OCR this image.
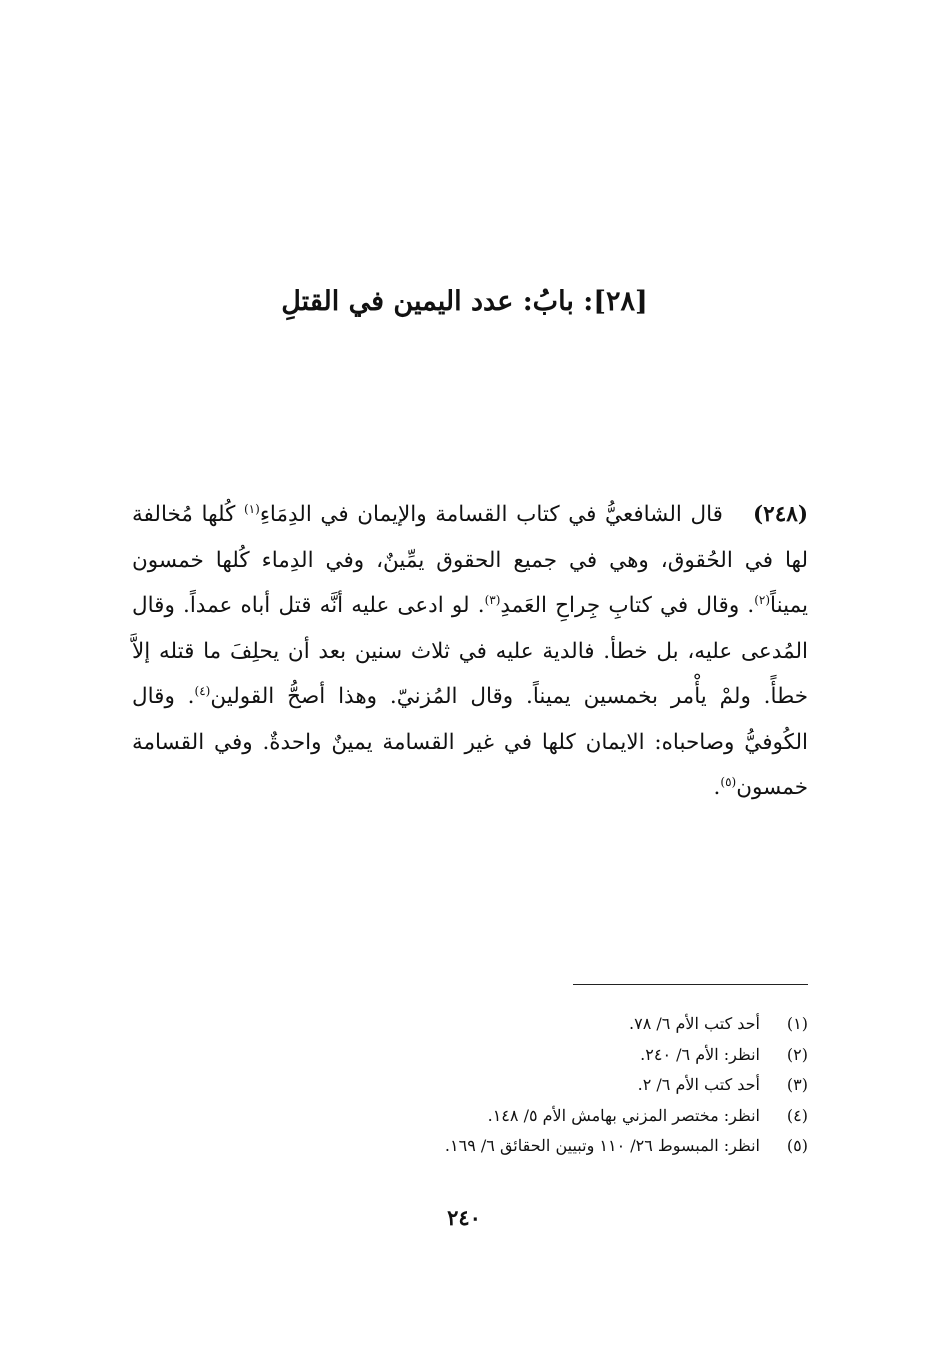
[٢٨]: بابُ: عدد اليمين في القتلِ

(٢٤٨)قال الشافعيُّ في كتاب القسامة والإيمان في الدِمَاءِ$^{(١)}$ كُلها مُخالفة لها في الحُقوق، وهي في جميع الحقوق يمِّينٌ، وفي الدِماء كُلها خمسون يميناً$^{(٢)}$. وقال في كتابِ جِراحِ العَمدِ$^{(٣)}$. لو ادعى عليه أنَّه قتل أباه عمداً. وقال المُدعى عليه، بل خطأ. فالدية عليه في ثلاث سنين بعد أن يحلِفَ ما قتله إلاَّ خطأً. ولمْ يأْمر بخمسين يميناً. وقال المُزنيّ. وهذا أصحُّ القولين$^{(٤)}$. وقال الكُوفيُّ وصاحباه: الايمان كلها في غير القسامة يمينٌ واحدةٌ. وفي القسامة خمسون$^{(٥)}$.

(١)
أحد كتب الأم ٦/ ٧٨.
(٢)
انظر: الأم ٦/ ٢٤٠.
(٣)
أحد كتب الأم ٦/ ٢.
(٤)
انظر: مختصر المزني بهامش الأم ٥/ ١٤٨.
(٥)
انظر: المبسوط ٢٦/ ١١٠ وتبيين الحقائق ٦/ ١٦٩.
٢٤٠
